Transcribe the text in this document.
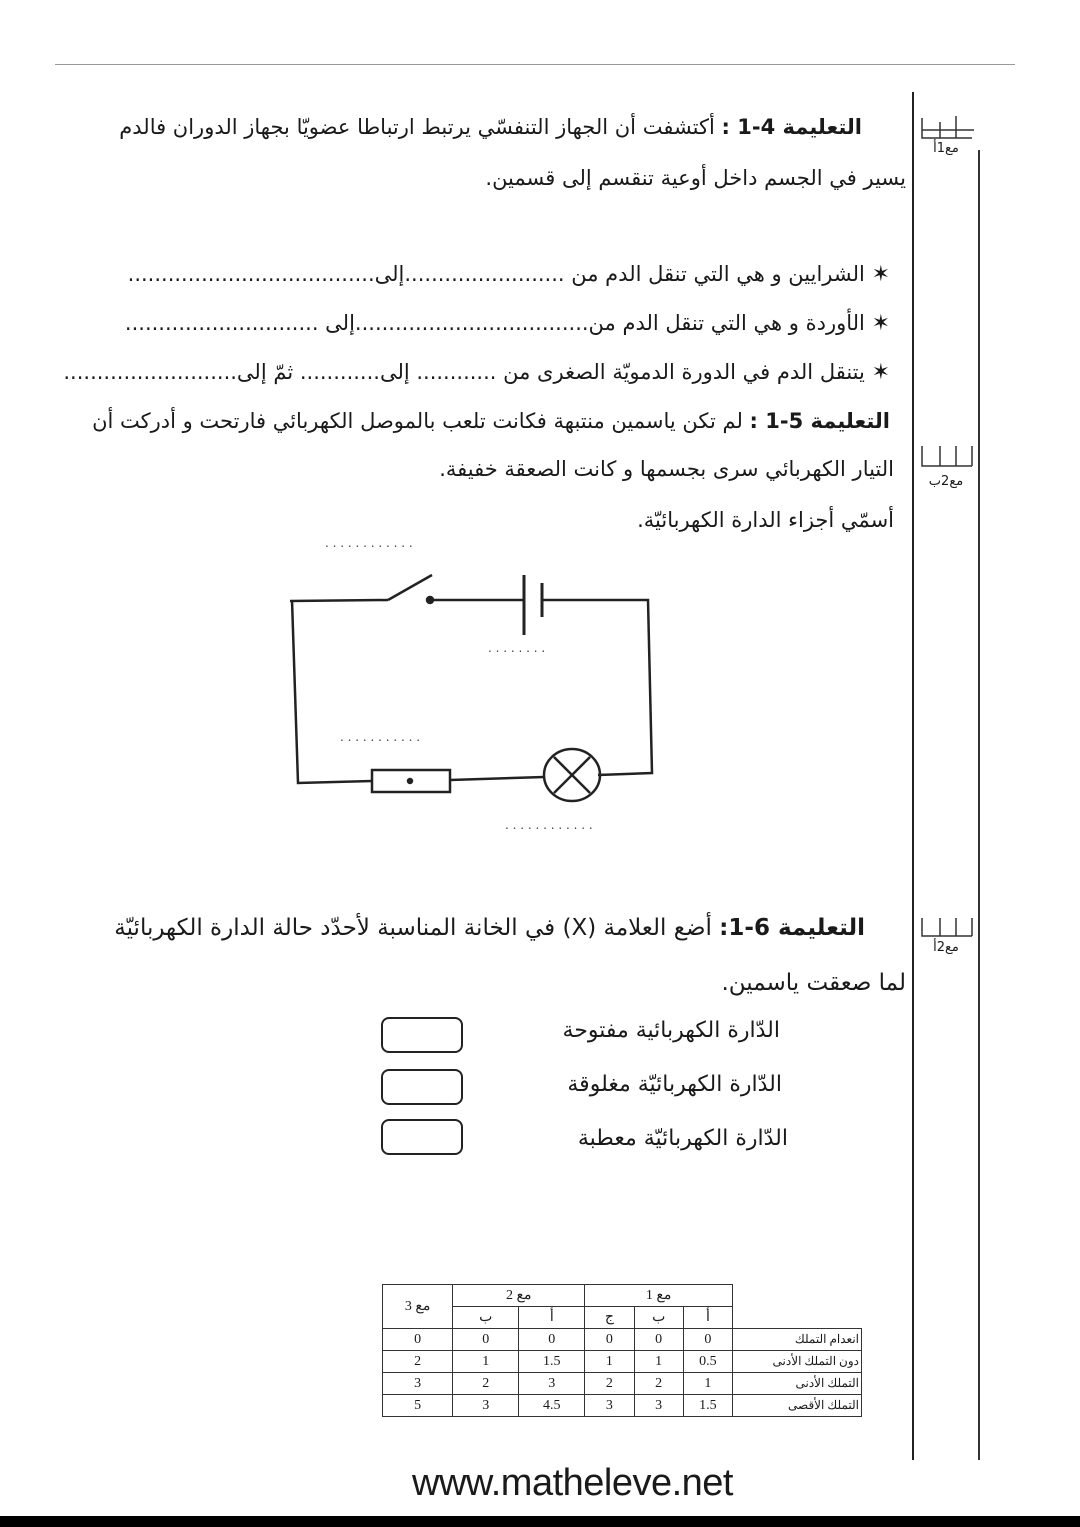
التعليمة 4-1 : أكتشفت أن الجهاز التنفسّي يرتبط ارتباطا عضويّا بجهاز الدوران فالدم
يسير في الجسم داخل أوعية تنقسم إلى قسمين.
✶ الشرايين و هي التي تنقل الدم من ........................إلى.....................................
✶ الأوردة و هي التي تنقل الدم من...................................إلى .............................
✶ يتنقل الدم في الدورة الدمويّة الصغرى من ............ إلى............ ثمّ إلى..........................
مع1أ
التعليمة 5-1 : لم تكن ياسمين منتبهة فكانت تلعب بالموصل الكهربائي فارتحت و أدركت أن
التيار الكهربائي سرى بجسمها و كانت الصعقة خفيفة.
أسمّي أجزاء الدارة الكهربائيّة.
مع2ب
. . . . . . . . . . . .
. . . . . . . .
. . . . . . . . . . .
. . . . . . . . . . . .
التعليمة 6-1: أضع العلامة (X) في الخانة المناسبة لأحدّد حالة الدارة الكهربائيّة
لما صعقت ياسمين.
مع2أ
الدّارة الكهربائية مفتوحة
الدّارة الكهربائيّة مغلوقة
الدّارة الكهربائيّة معطبة
مع 3	مع 2		مع 1			
	ب	أ	ج	ب	أ	
0	0	0	0	0	0	انعدام التملك
2	1	1.5	1	1	0.5	دون التملك الأدنى
3	2	3	2	2	1	التملك الأدنى
5	3	4.5	3	3	1.5	التملك الأقصى
www.matheleve.net
